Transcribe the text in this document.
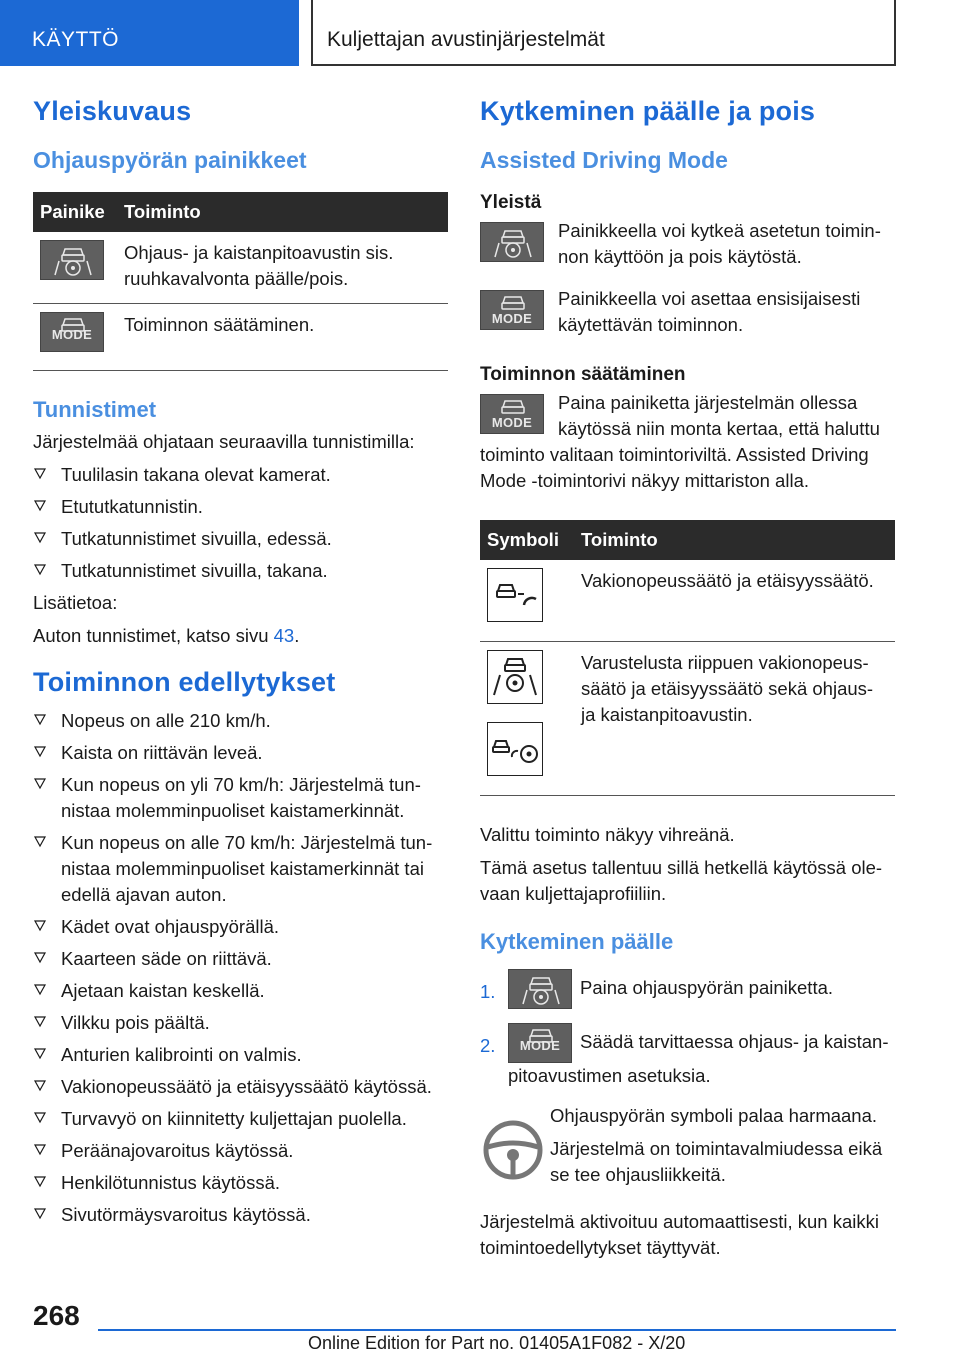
KÄYTTÖ	Kuljettajan avustinjärjestelmät
Yleiskuvaus
Ohjauspyörän painikkeet
Painike	Toiminto
	Ohjaus- ja kaistanpitoavustin sis. ruuhkavalvonta päälle/pois.

MODE	Toiminnon säätäminen.
Tunnistimet

Järjestelmää ohjataan seuraavilla tunnistimilla:

Tuulilasin takana olevat kamerat.
Etututkatunnistin.
Tutkatunnistimet sivuilla, edessä.
Tutkatunnistimet sivuilla, takana.

Lisätietoa:

Auton tunnistimet, katso sivu 43.

Toiminnon edellytykset
Nopeus on alle 210 km/h.
Kaista on riittävän leveä.
Kun nopeus on yli 70 km/h: Järjestelmä tunnistaa molemminpuoliset kaistamerkinnät.
Kun nopeus on alle 70 km/h: Järjestelmä tunnistaa molemminpuoliset kaistamerkinnät tai edellä ajavan auton.
Kädet ovat ohjauspyörällä.
Kaarteen säde on riittävä.
Ajetaan kaistan keskellä.
Vilkku pois päältä.
Anturien kalibrointi on valmis.
Vakionopeussäätö ja etäisyyssäätö käytössä.
Turvavyö on kiinnitetty kuljettajan puolella.
Peräänajovaroitus käytössä.
Henkilötunnistus käytössä.
Sivutörmäysvaroitus käytössä.
Kytkeminen päälle ja pois
Assisted Driving Mode
Yleistä

Painikkeella voi kytkeä asetetun toiminnon käyttöön ja pois käytöstä.

MODE

Painikkeella voi asettaa ensisijaisesti käytettävän toiminnon.

Toiminnon säätäminen
MODE

Paina painiketta järjestelmän ollessa käytössä niin monta kertaa, että haluttu toiminto valitaan toimintoriviltä. Assisted Driving Mode -toimintorivi näkyy mittariston alla.

Symboli	Toiminto
	Vakionopeussäätö ja etäisyyssäätö.
	Varustelusta riippuen vakionopeussäätö ja etäisyyssäätö sekä ohjaus- ja kaistanpitoavustin.

Valittu toiminto näkyy vihreänä.

Tämä asetus tallentuu sillä hetkellä käytössä olevaan kuljettajaprofiiliin.

Kytkeminen päälle
1.	Paina ohjauspyörän painiketta.
2.	MODE	Säädä tarvittaessa ohjaus- ja kaistanpitoavustimen asetuksia.

Ohjauspyörän symboli palaa harmaana.

Järjestelmä on toimintavalmiudessa eikä se tee ohjausliikkeitä.

Järjestelmä aktivoituu automaattisesti, kun kaikki toimintoedellytykset täyttyvät.

268
Online Edition for Part no. 01405A1F082 - X/20
